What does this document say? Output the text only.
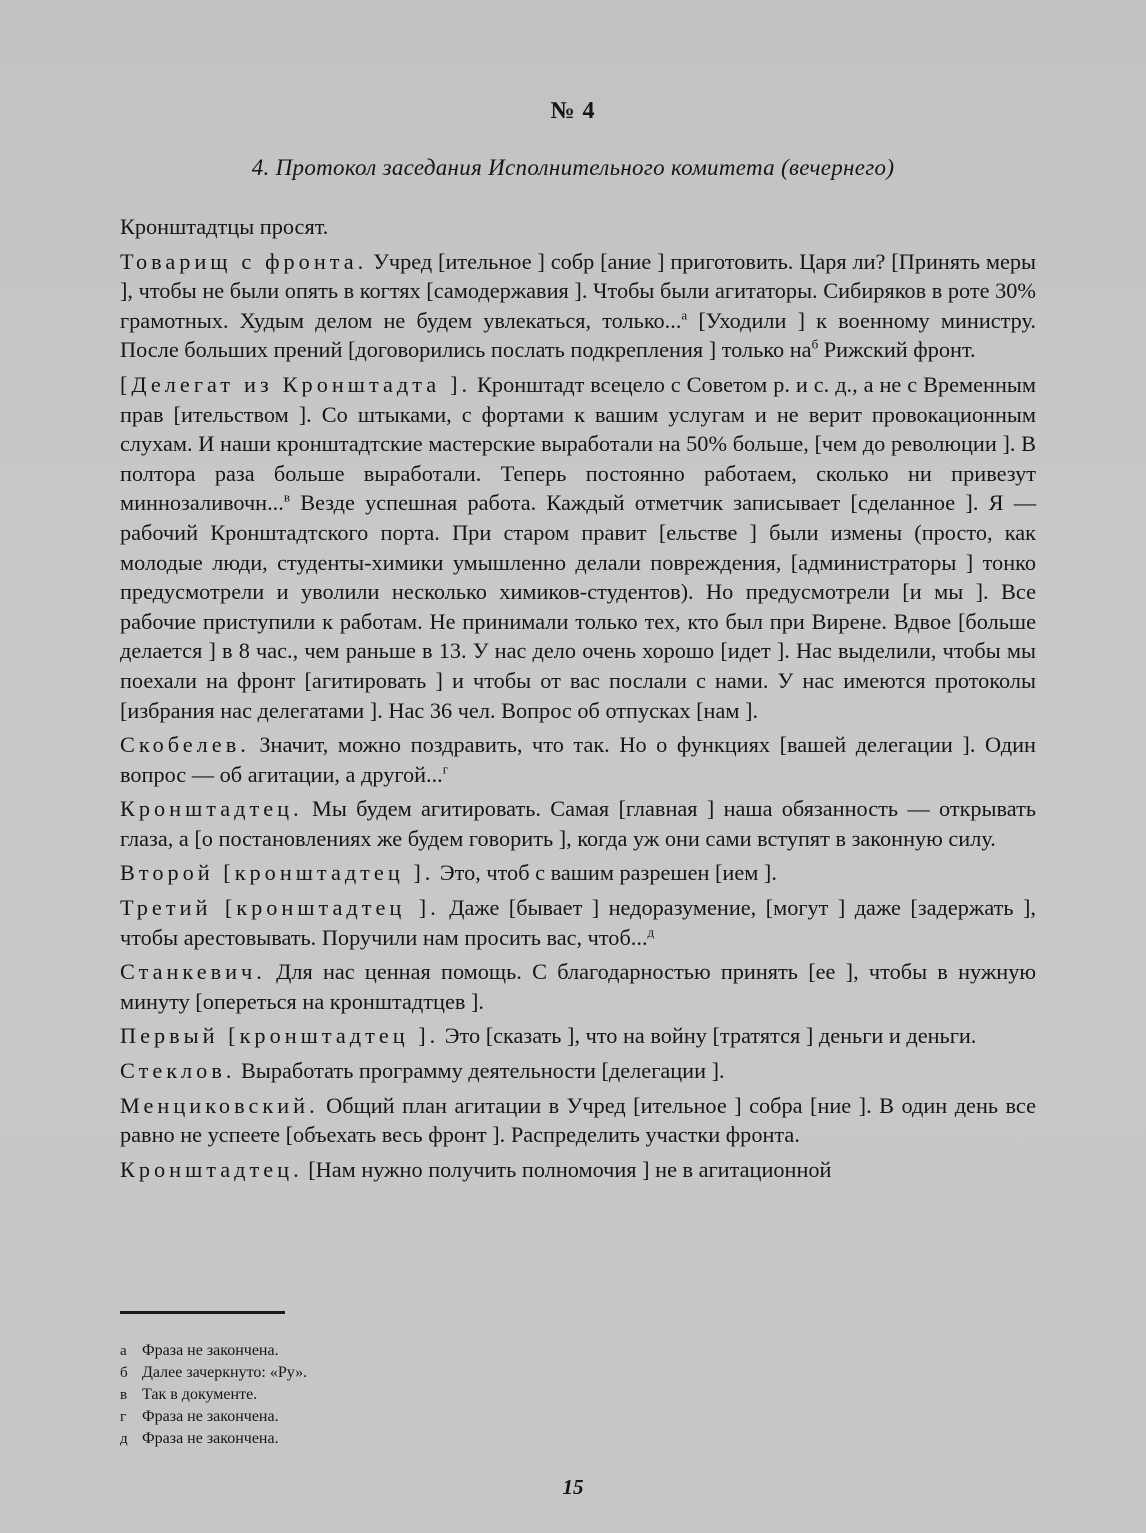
№ 4
4. Протокол заседания Исполнительного комитета (вечернего)

Кронштадтцы просят.

Товарищ с фронта. Учред [ительное ] собр [ание ] приготовить. Царя ли? [Принять меры ], чтобы не были опять в когтях [самодержавия ]. Чтобы были агитаторы. Сибиряков в роте 30% грамотных. Худым делом не будем увлекаться, только...$^а$ [Уходили ] к военному министру. После больших прений [договорились послать подкрепления ] только $на^б$ Рижский фронт.

[Делегат из Кронштадта ]. Кронштадт всецело с Советом р. и с. д., а не с Временным прав [ительством ]. Со штыками, с фортами к вашим услугам и не верит провокационным слухам. И наши кронштадтские мастерские выработали на 50% больше, [чем до революции ]. В полтора раза больше выработали. Теперь постоянно работаем, сколько ни привезут миннозаливочн...$^в$ Везде успешная работа. Каждый отметчик записывает [сделанное ]. Я — рабочий Кронштадтского порта. При старом правит [ельстве ] были измены (просто, как молодые люди, студенты-химики умышленно делали повреждения, [администраторы ] тонко предусмотрели и уволили несколько химиков-студентов). Но предусмотрели [и мы ]. Все рабочие приступили к работам. Не принимали только тех, кто был при Вирене. Вдвое [больше делается ] в 8 час., чем раньше в 13. У нас дело очень хорошо [идет ]. Нас выделили, чтобы мы поехали на фронт [агитировать ] и чтобы от вас послали с нами. У нас имеются протоколы [избрания нас делегатами ]. Нас 36 чел. Вопрос об отпусках [нам ].

Скобелев. Значит, можно поздравить, что так. Но о функциях [вашей делегации ]. Один вопрос — об агитации, а другой...$^г$

Кронштадтец. Мы будем агитировать. Самая [главная ] наша обязанность — открывать глаза, а [о постановлениях же будем говорить ], когда уж они сами вступят в законную силу.

Второй [кронштадтец ]. Это, чтоб с вашим разрешен [ием ].

Третий [кронштадтец ]. Даже [бывает ] недоразумение, [могут ] даже [задержать ], чтобы арестовывать. Поручили нам просить вас, чтоб...$^д$

Станкевич. Для нас ценная помощь. С благодарностью принять [ее ], чтобы в нужную минуту [опереться на кронштадтцев ].

Первый [кронштадтец ]. Это [сказать ], что на войну [тратятся ] деньги и деньги.

Стеклов. Выработать программу деятельности [делегации ].

Менциковский. Общий план агитации в Учред [ительное ] собра [ние ]. В один день все равно не успеете [объехать весь фронт ]. Распределить участки фронта.

Кронштадтец. [Нам нужно получить полномочия ] не в агитационной

а Фраза не закончена.
б Далее зачеркнуто: «Ру».
в Так в документе.
г Фраза не закончена.
д Фраза не закончена.
15
